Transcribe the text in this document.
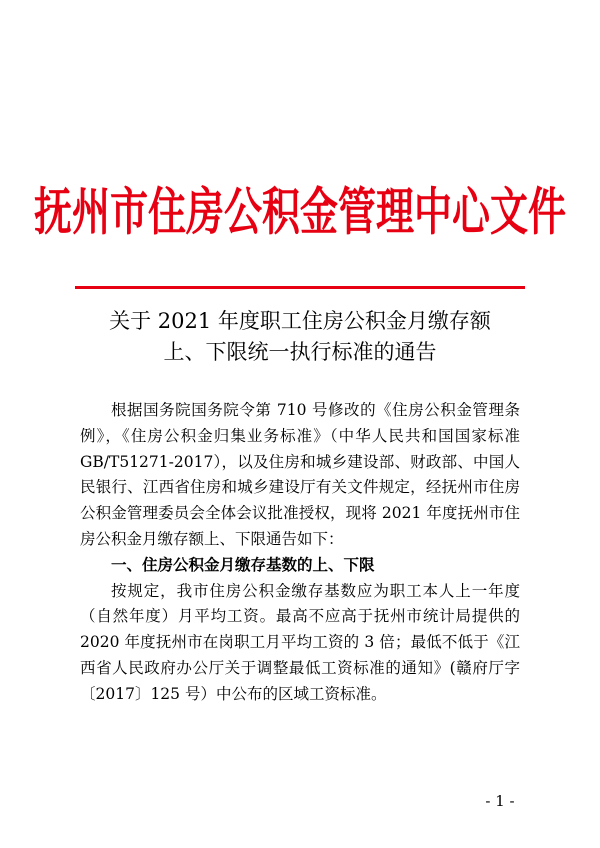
抚州市住房公积金管理中心文件
关于 2021 年度职工住房公积金月缴存额
上、下限统一执行标准的通告

根据国务院国务院令第 710 号修改的《住房公积金管理条例》，《住房公积金归集业务标准》（中华人民共和国国家标准 GB/T51271-2017），以及住房和城乡建设部、财政部、中国人民银行、江西省住房和城乡建设厅有关文件规定，经抚州市住房公积金管理委员会全体会议批准授权，现将 2021 年度抚州市住房公积金月缴存额上、下限通告如下：

一、住房公积金月缴存基数的上、下限

按规定，我市住房公积金缴存基数应为职工本人上一年度（自然年度）月平均工资。最高不应高于抚州市统计局提供的 2020 年度抚州市在岗职工月平均工资的 3 倍；最低不低于《江西省人民政府办公厅关于调整最低工资标准的通知》(赣府厅字〔2017〕125 号）中公布的区域工资标准。

- 1 -
